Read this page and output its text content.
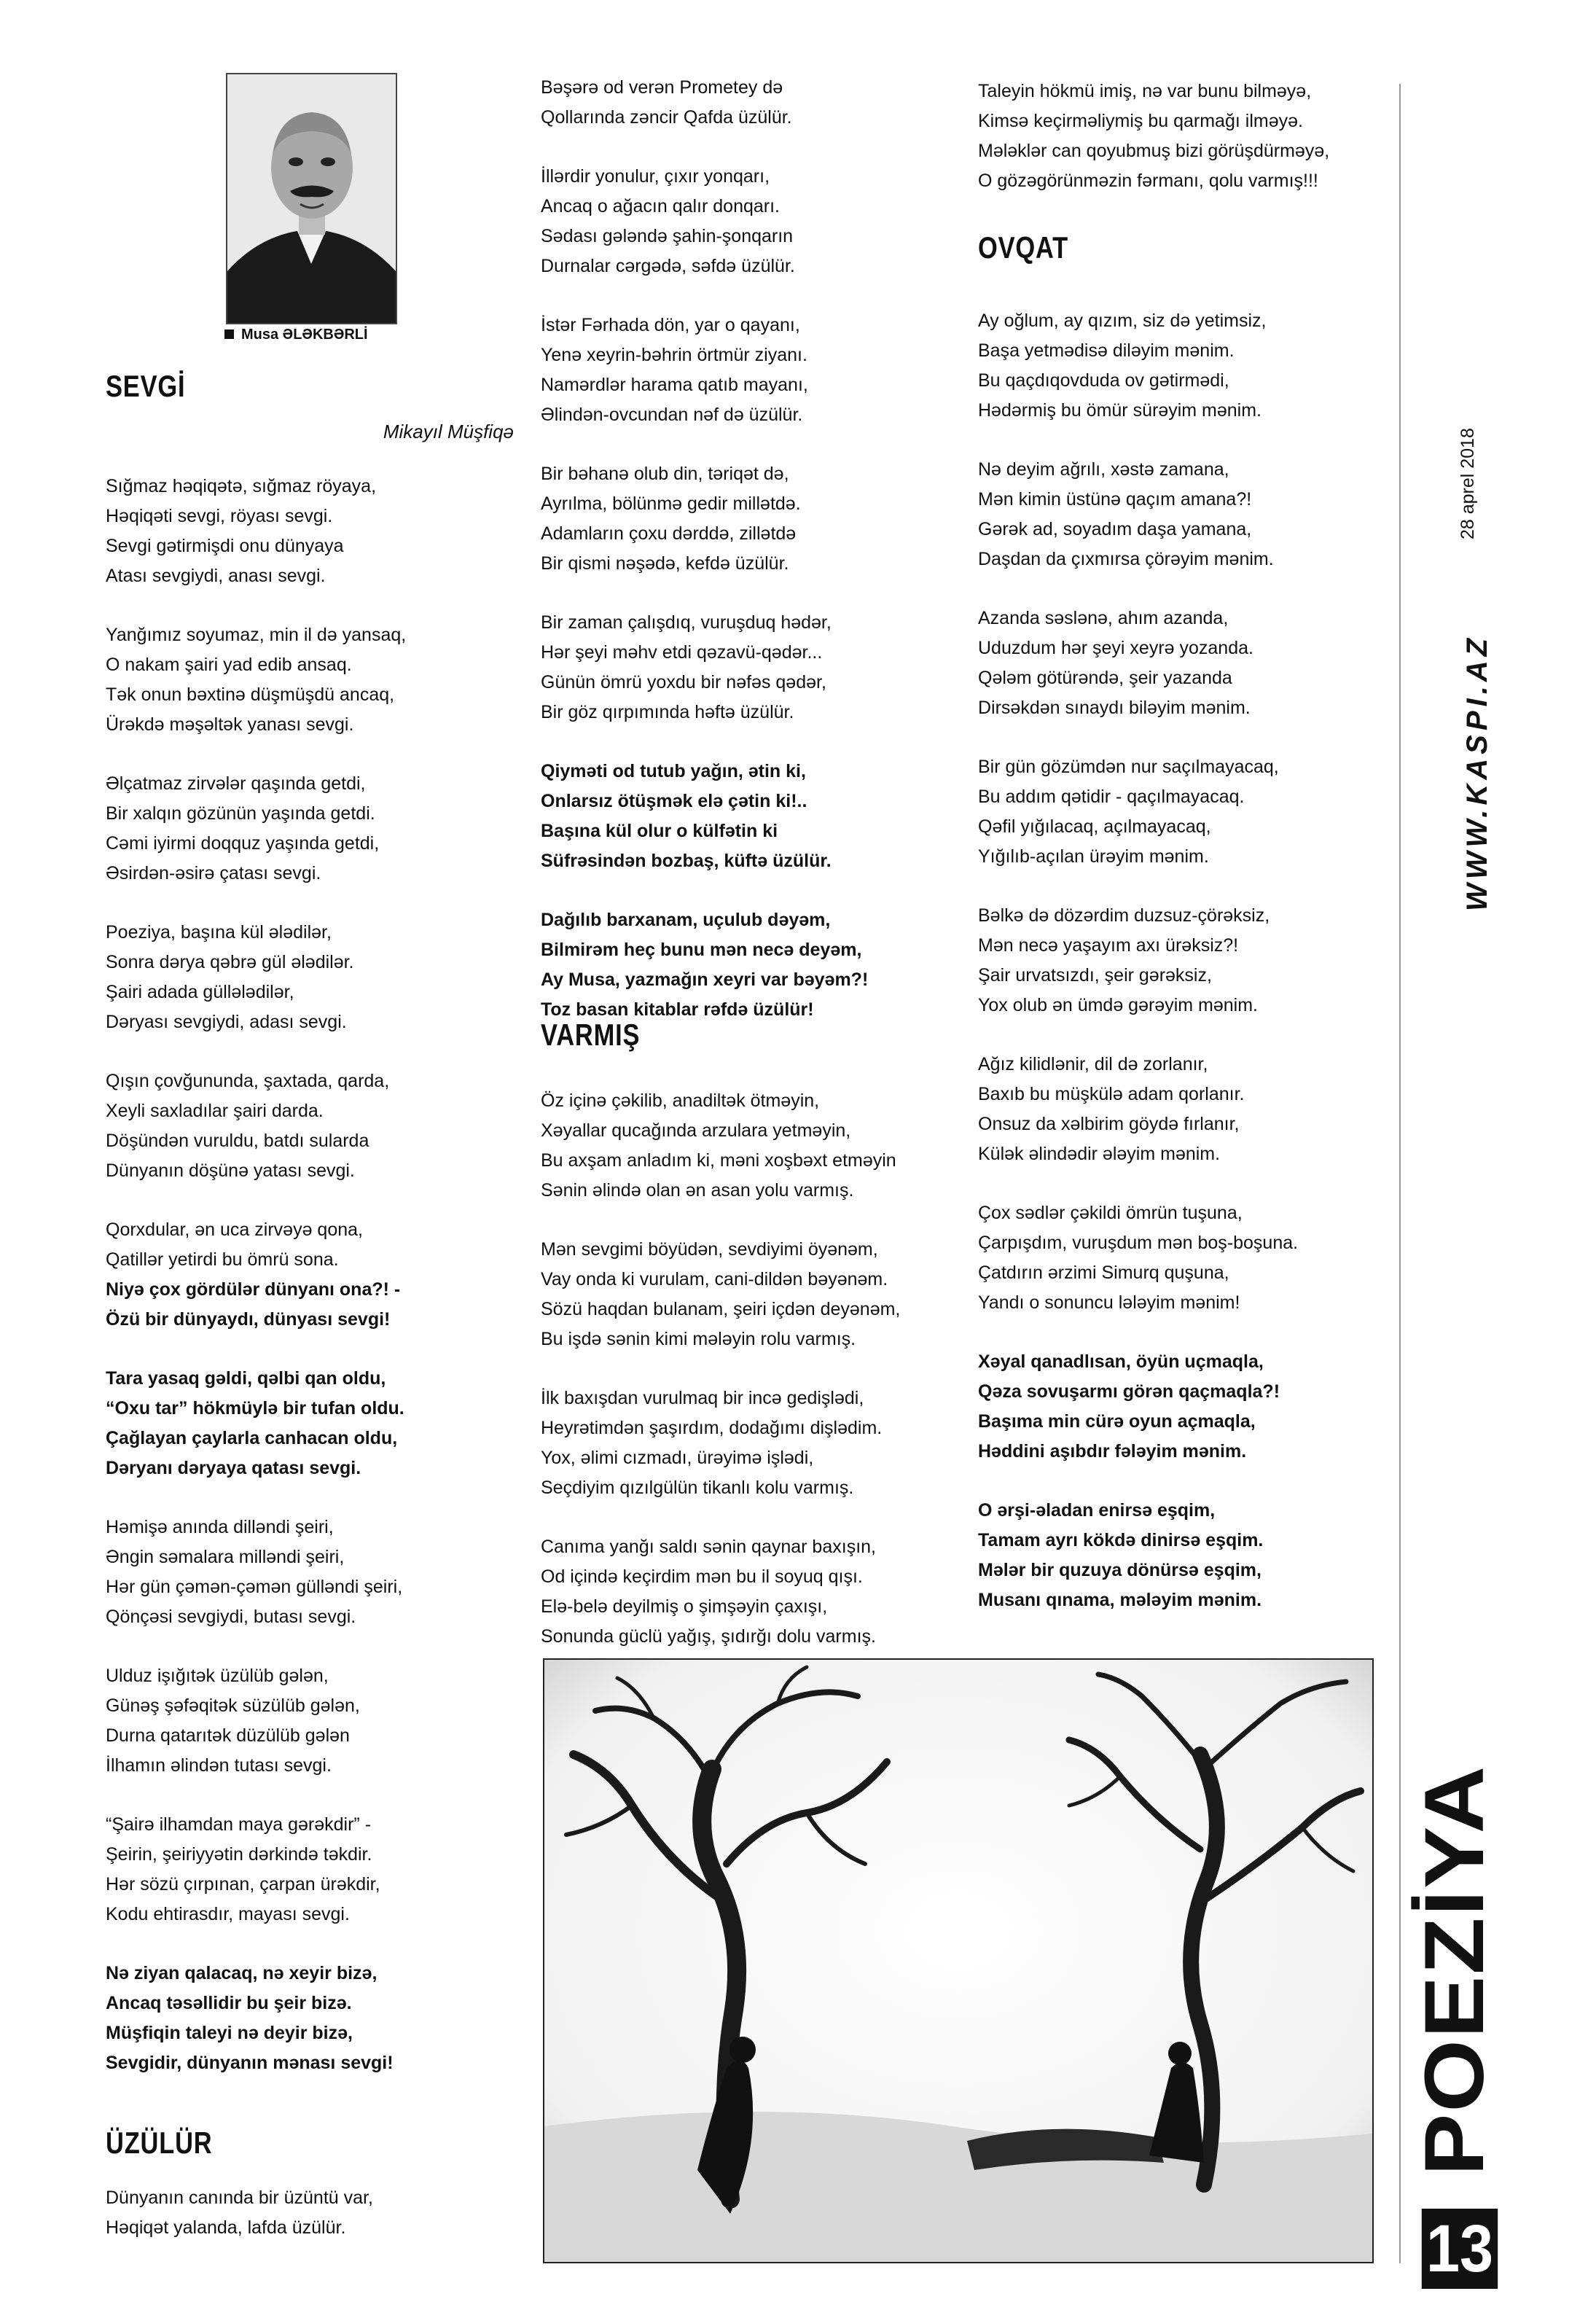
Musa ƏLƏKBƏRLİ
SEVGİ
Mikayıl Müşfiqə
Sığmaz həqiqətə, sığmaz röyaya,
Həqiqəti sevgi, röyası sevgi.
Sevgi gətirmişdi onu dünyaya
Atası sevgiydi, anası sevgi.
Yanğımız soyumaz, min il də yansaq,
O nakam şairi yad edib ansaq.
Tək onun bəxtinə düşmüşdü ancaq,
Ürəkdə məşəltək yanası sevgi.
Əlçatmaz zirvələr qaşında getdi,
Bir xalqın gözünün yaşında getdi.
Cəmi iyirmi doqquz yaşında getdi,
Əsirdən-əsirə çatası sevgi.
Poeziya, başına kül ələdilər,
Sonra dərya qəbrə gül ələdilər.
Şairi adada güllələdilər,
Dəryası sevgiydi, adası sevgi.
Qışın çovğununda, şaxtada, qarda,
Xeyli saxladılar şairi darda.
Döşündən vuruldu, batdı sularda
Dünyanın döşünə yatası sevgi.
Qorxdular, ən uca zirvəyə qona,
Qatillər yetirdi bu ömrü sona.
Niyə çox gördülər dünyanı ona?! -
Özü bir dünyaydı, dünyası sevgi!
Tara yasaq gəldi, qəlbi qan oldu,
“Oxu tar” hökmüylə bir tufan oldu.
Çağlayan çaylarla canhacan oldu,
Dəryanı dəryaya qatası sevgi.
Həmişə anında dilləndi şeiri,
Əngin səmalara milləndi şeiri,
Hər gün çəmən-çəmən gülləndi şeiri,
Qönçəsi sevgiydi, butası sevgi.
Ulduz işığıtək üzülüb gələn,
Günəş şəfəqitək süzülüb gələn,
Durna qatarıtək düzülüb gələn
İlhamın əlindən tutası sevgi.
“Şairə ilhamdan maya gərəkdir” -
Şeirin, şeiriyyətin dərkində təkdir.
Hər sözü çırpınan, çarpan ürəkdir,
Kodu ehtirasdır, mayası sevgi.
Nə ziyan qalacaq, nə xeyir bizə,
Ancaq təsəllidir bu şeir bizə.
Müşfiqin taleyi nə deyir bizə,
Sevgidir, dünyanın mənası sevgi!
ÜZÜLÜR
Dünyanın canında bir üzüntü var,
Həqiqət yalanda, lafda üzülür.
Bəşərə od verən Prometey də
Qollarında zəncir Qafda üzülür.
İllərdir yonulur, çıxır yonqarı,
Ancaq o ağacın qalır donqarı.
Sədası gələndə şahin-şonqarın
Durnalar cərgədə, səfdə üzülür.
İstər Fərhada dön, yar o qayanı,
Yenə xeyrin-bəhrin örtmür ziyanı.
Namərdlər harama qatıb mayanı,
Əlindən-ovcundan nəf də üzülür.
Bir bəhanə olub din, təriqət də,
Ayrılma, bölünmə gedir millətdə.
Adamların çoxu dərddə, zillətdə
Bir qismi nəşədə, kefdə üzülür.
Bir zaman çalışdıq, vuruşduq hədər,
Hər şeyi məhv etdi qəzavü-qədər...
Günün ömrü yoxdu bir nəfəs qədər,
Bir göz qırpımında həftə üzülür.
Qiyməti od tutub yağın, ətin ki,
Onlarsız ötüşmək elə çətin ki!..
Başına kül olur o külfətin ki
Süfrəsindən bozbaş, küftə üzülür.
Dağılıb barxanam, uçulub dəyəm,
Bilmirəm heç bunu mən necə deyəm,
Ay Musa, yazmağın xeyri var bəyəm?!
Toz basan kitablar rəfdə üzülür!
VARMIŞ
Öz içinə çəkilib, anadiltək ötməyin,
Xəyallar qucağında arzulara yetməyin,
Bu axşam anladım ki, məni xoşbəxt etməyin
Sənin əlində olan ən asan yolu varmış.
Mən sevgimi böyüdən, sevdiyimi öyənəm,
Vay onda ki vurulam, cani-dildən bəyənəm.
Sözü haqdan bulanam, şeiri içdən deyənəm,
Bu işdə sənin kimi mələyin rolu varmış.
İlk baxışdan vurulmaq bir incə gedişlədi,
Heyrətimdən şaşırdım, dodağımı dişlədim.
Yox, əlimi cızmadı, ürəyimə işlədi,
Seçdiyim qızılgülün tikanlı kolu varmış.
Canıma yanğı saldı sənin qaynar baxışın,
Od içində keçirdim mən bu il soyuq qışı.
Elə-belə deyilmiş o şimşəyin çaxışı,
Sonunda güclü yağış, şıdırğı dolu varmış.
Taleyin hökmü imiş, nə var bunu bilməyə,
Kimsə keçirməliymiş bu qarmağı ilməyə.
Mələklər can qoyubmuş bizi görüşdürməyə,
O gözəgörünməzin fərmanı, qolu varmış!!!
OVQAT
Ay oğlum, ay qızım, siz də yetimsiz,
Başa yetmədisə diləyim mənim.
Bu qaçdıqovduda ov gətirmədi,
Hədərmiş bu ömür sürəyim mənim.
Nə deyim ağrılı, xəstə zamana,
Mən kimin üstünə qaçım amana?!
Gərək ad, soyadım daşa yamana,
Daşdan da çıxmırsa çörəyim mənim.
Azanda səslənə, ahım azanda,
Uduzdum hər şeyi xeyrə yozanda.
Qələm götürəndə, şeir yazanda
Dirsəkdən sınaydı biləyim mənim.
Bir gün gözümdən nur saçılmayacaq,
Bu addım qətidir - qaçılmayacaq.
Qəfil yığılacaq, açılmayacaq,
Yığılıb-açılan ürəyim mənim.
Bəlkə də dözərdim duzsuz-çörəksiz,
Mən necə yaşayım axı ürəksiz?!
Şair urvatsızdı, şeir gərəksiz,
Yox olub ən ümdə gərəyim mənim.
Ağız kilidlənir, dil də zorlanır,
Baxıb bu müşkülə adam qorlanır.
Onsuz da xəlbirim göydə fırlanır,
Külək əlindədir ələyim mənim.
Çox sədlər çəkildi ömrün tuşuna,
Çarpışdım, vuruşdum mən boş-boşuna.
Çatdırın ərzimi Simurq quşuna,
Yandı o sonuncu lələyim mənim!
Xəyal qanadlısan, öyün uçmaqla,
Qəza sovuşarmı görən qaçmaqla?!
Başıma min cürə oyun açmaqla,
Həddini aşıbdır fələyim mənim.
O ərşi-əladan enirsə eşqim,
Tamam ayrı kökdə dinirsə eşqim.
Mələr bir quzuya dönürsə eşqim,
Musanı qınama, mələyim mənim.
28 aprel 2018
WWW.KASPI.AZ
POEZİYA
13
